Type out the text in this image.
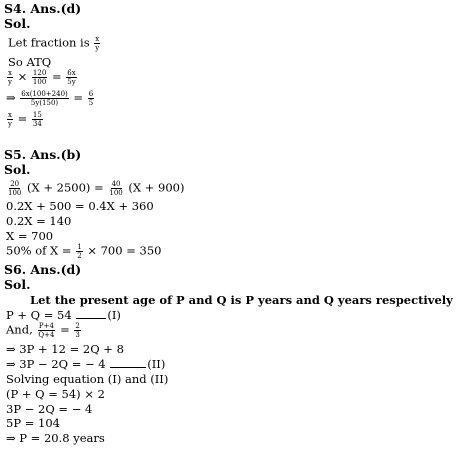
S4. Ans.(d)
Sol.
Let fraction is $\frac{x}{y}$
So ATQ
$\frac{x}{y} \times \frac{120}{100} = \frac{6x}{5y}$
⇒ $\frac{6x(100+240)}{5y(150)} = \frac{6}{5}$
$\frac{x}{y} = \frac{15}{34}$
S5. Ans.(b)
Sol.
$\frac{20}{100} (X + 2500) = \frac{40}{100} (X + 900)$
0.2X + 500 = 0.4X + 360
0.2X = 140
X = 700
50% of $X = \frac{1}{2} \times 700 = 350$
S6. Ans.(d)
Sol.
Let the present age of P and Q is P years and Q years respectively
P + Q = 54	(I)
And, $\frac{P+4}{Q+4} = \frac{2}{3}$
⇒ 3P + 12 = 2Q + 8
⇒ 3P − 2Q = − 4	(II)
Solving equation (I) and (II)
(P + Q = 54) × 2
3P − 2Q = − 4
5P = 104
⇒ P = 20.8 years
